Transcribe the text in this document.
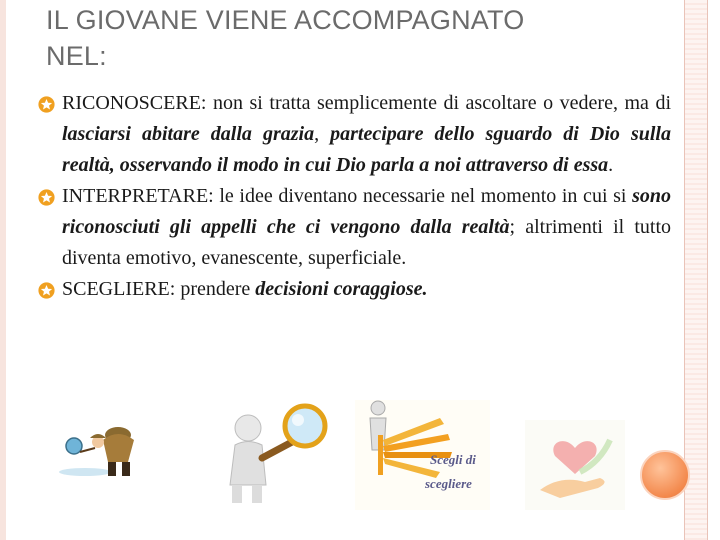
IL GIOVANE VIENE ACCOMPAGNATO
NEL:

RICONOSCERE: non si tratta semplicemente di ascoltare o vedere, ma di lasciarsi abitare dalla grazia, partecipare dello sguardo di Dio sulla realtà, osservando il modo in cui Dio parla a noi attraverso di essa.

INTERPRETARE: le idee diventano necessarie nel momento in cui si sono riconosciuti gli appelli che ci vengono dalla realtà; altrimenti il tutto diventa emotivo, evanescente, superficiale.

SCEGLIERE: prendere decisioni coraggiose.

Scegli di
scegliere
